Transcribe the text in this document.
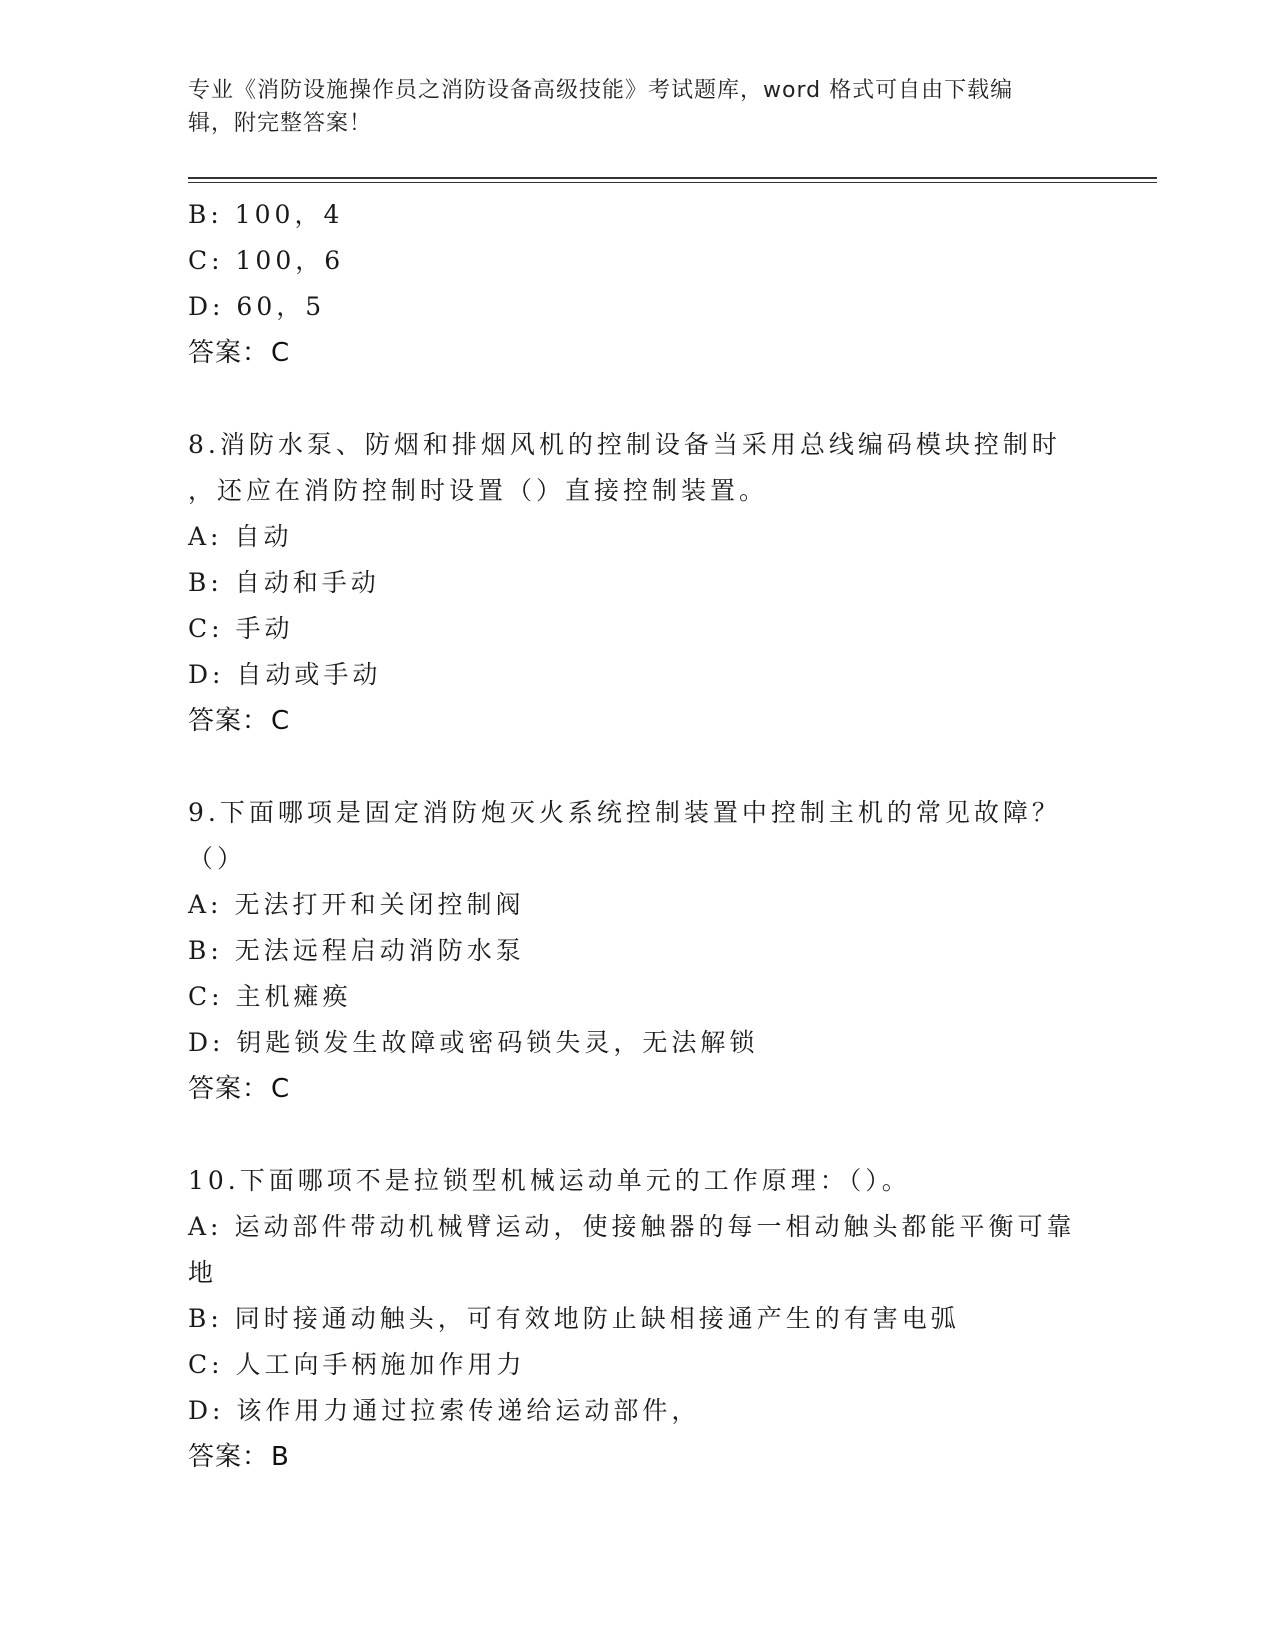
专业《消防设施操作员之消防设备高级技能》考试题库，word 格式可自由下载编
辑，附完整答案！
B: 100，4
C: 100，6
D: 60，5
答案：C
8.消防水泵、防烟和排烟风机的控制设备当采用总线编码模块控制时
，还应在消防控制时设置（）直接控制装置。
A: 自动
B: 自动和手动
C: 手动
D: 自动或手动
答案：C
9.下面哪项是固定消防炮灭火系统控制装置中控制主机的常见故障？
（）
A: 无法打开和关闭控制阀
B: 无法远程启动消防水泵
C: 主机瘫痪
D: 钥匙锁发生故障或密码锁失灵，无法解锁
答案：C
10.下面哪项不是拉锁型机械运动单元的工作原理：（）。
A: 运动部件带动机械臂运动，使接触器的每一相动触头都能平衡可靠
地
B: 同时接通动触头，可有效地防止缺相接通产生的有害电弧
C: 人工向手柄施加作用力
D: 该作用力通过拉索传递给运动部件，
答案：B
